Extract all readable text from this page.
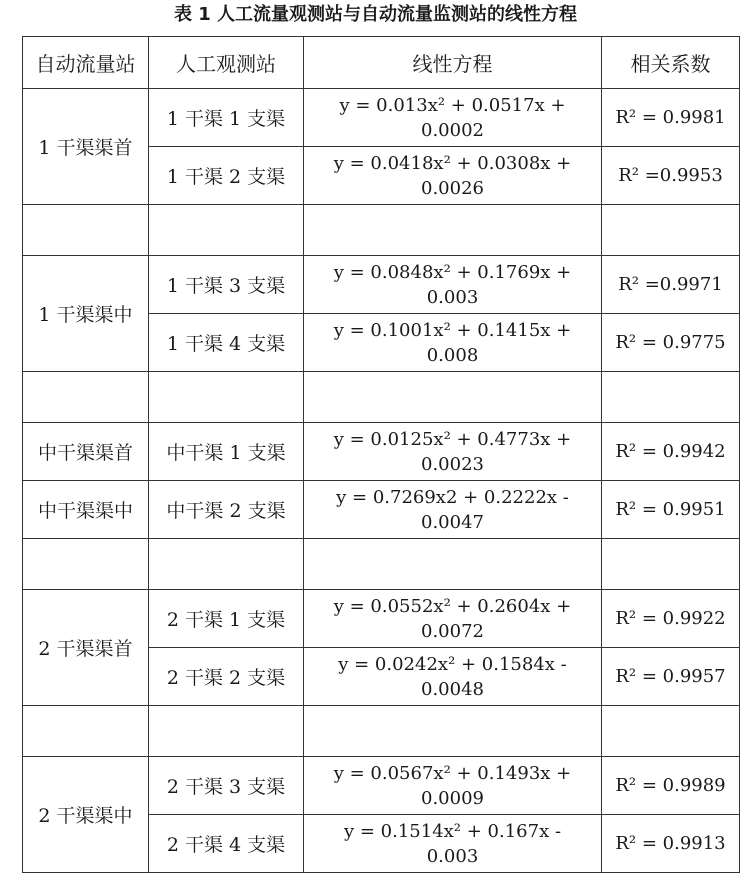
表 1 人工流量观测站与自动流量监测站的线性方程
自动流量站	人工观测站	线性方程	相关系数
1 干渠渠首	1 干渠 1 支渠	y = 0.013x² + 0.0517x +
0.0002	R² = 0.9981
	1 干渠 2 支渠	y = 0.0418x² + 0.0308x +
0.0026	R² =0.9953

1 干渠渠中	1 干渠 3 支渠	y = 0.0848x² + 0.1769x +
0.003	R² =0.9971
	1 干渠 4 支渠	y = 0.1001x² + 0.1415x +
0.008	R² = 0.9775

中干渠渠首	中干渠 1 支渠	y = 0.0125x² + 0.4773x +
0.0023	R² = 0.9942
中干渠渠中	中干渠 2 支渠	y = 0.7269x2 + 0.2222x -
0.0047	R² = 0.9951

2 干渠渠首	2 干渠 1 支渠	y = 0.0552x² + 0.2604x +
0.0072	R² = 0.9922
	2 干渠 2 支渠	y = 0.0242x² + 0.1584x -
0.0048	R² = 0.9957

2 干渠渠中	2 干渠 3 支渠	y = 0.0567x² + 0.1493x +
0.0009	R² = 0.9989
	2 干渠 4 支渠	y = 0.1514x² + 0.167x -
0.003	R² = 0.9913
